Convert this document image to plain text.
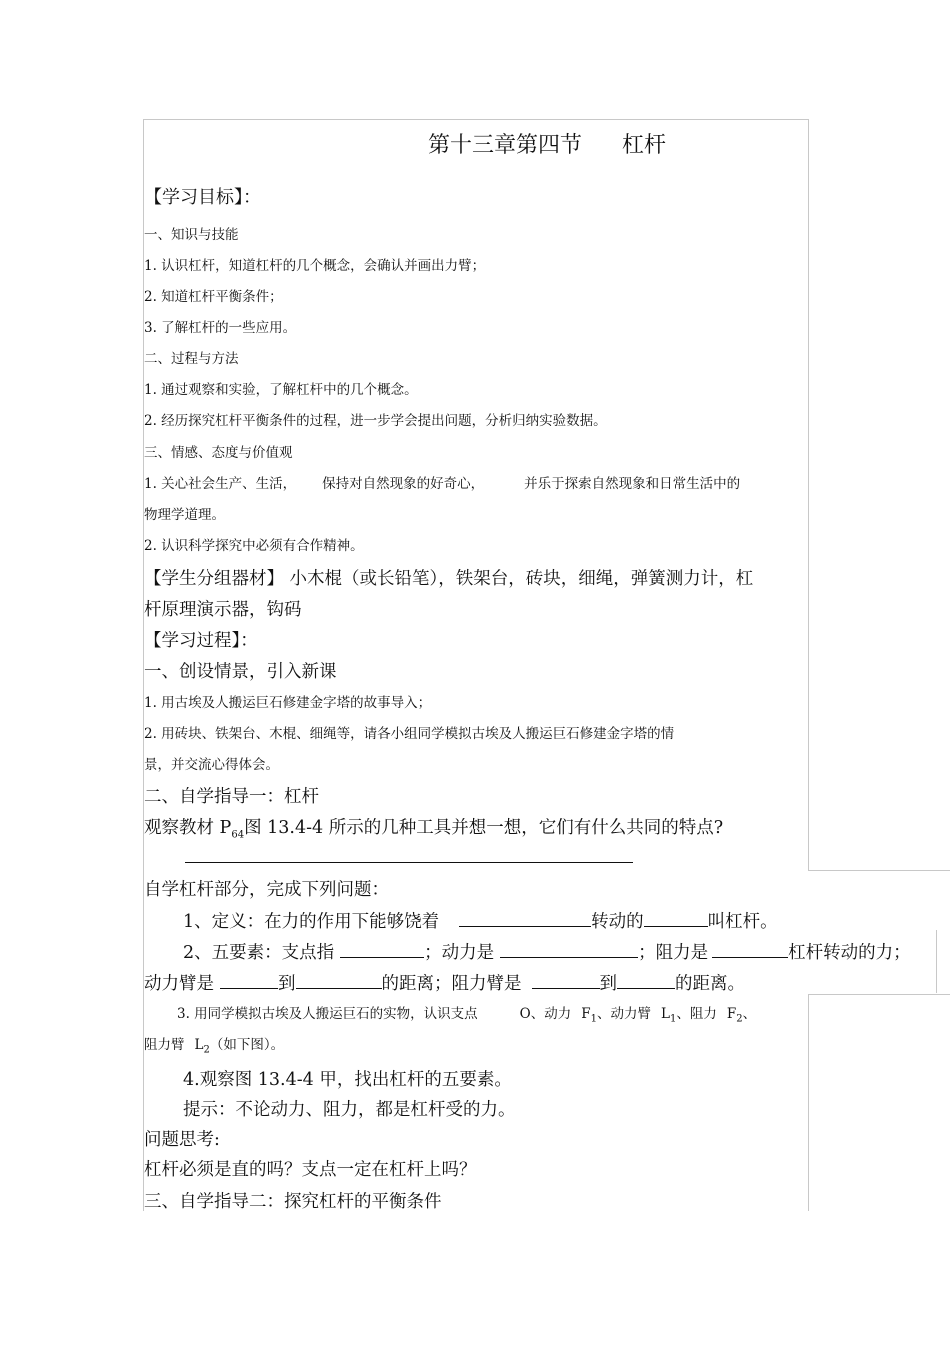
第十三章第四节 杠杆
【学习目标】：
一、知识与技能
1. 认识杠杆，知道杠杆的几个概念，会确认并画出力臂；
2. 知道杠杆平衡条件；
3. 了解杠杆的一些应用。
二、过程与方法
1. 通过观察和实验，了解杠杆中的几个概念。
2. 经历探究杠杆平衡条件的过程，进一步学会提出问题，分析归纳实验数据。
三、情感、态度与价值观
1. 关心社会生产、生活， 保持对自然现象的好奇心，	并乐于探索自然现象和日常生活中的
物理学道理。
2. 认识科学探究中必须有合作精神。
【学生分组器材】 小木棍（或长铅笔），铁架台，砖块，细绳，弹簧测力计，杠
杆原理演示器，钩码
【学习过程】：
一、创设情景，引入新课
1. 用古埃及人搬运巨石修建金字塔的故事导入；
2. 用砖块、铁架台、木棍、细绳等，请各小组同学模拟古埃及人搬运巨石修建金字塔的情
景，并交流心得体会。
二、自学指导一：杠杆
观察教材 $P_{64}$图 13.4-4 所示的几种工具并想一想，它们有什么共同的特点?
自学杠杆部分，完成下列问题：
1、定义：在力的作用下能够饶着	转动的	叫杠杆。
2、五要素：支点指	；动力是	；阻力是	杠杆转动的力；
动力臂是	到	的距离；阻力臂是	到	的距离。
3. 用同学模拟古埃及人搬运巨石的实物，认识支点	O、动力 $F_1$、动力臂 $L_1$、阻力 $F_2$、
阻力臂 $L_2$（如下图）。
4.观察图 13.4-4 甲，找出杠杆的五要素。
提示：不论动力、阻力，都是杠杆受的力。
问题思考:
杠杆必须是直的吗？支点一定在杠杆上吗？
三、自学指导二：探究杠杆的平衡条件
